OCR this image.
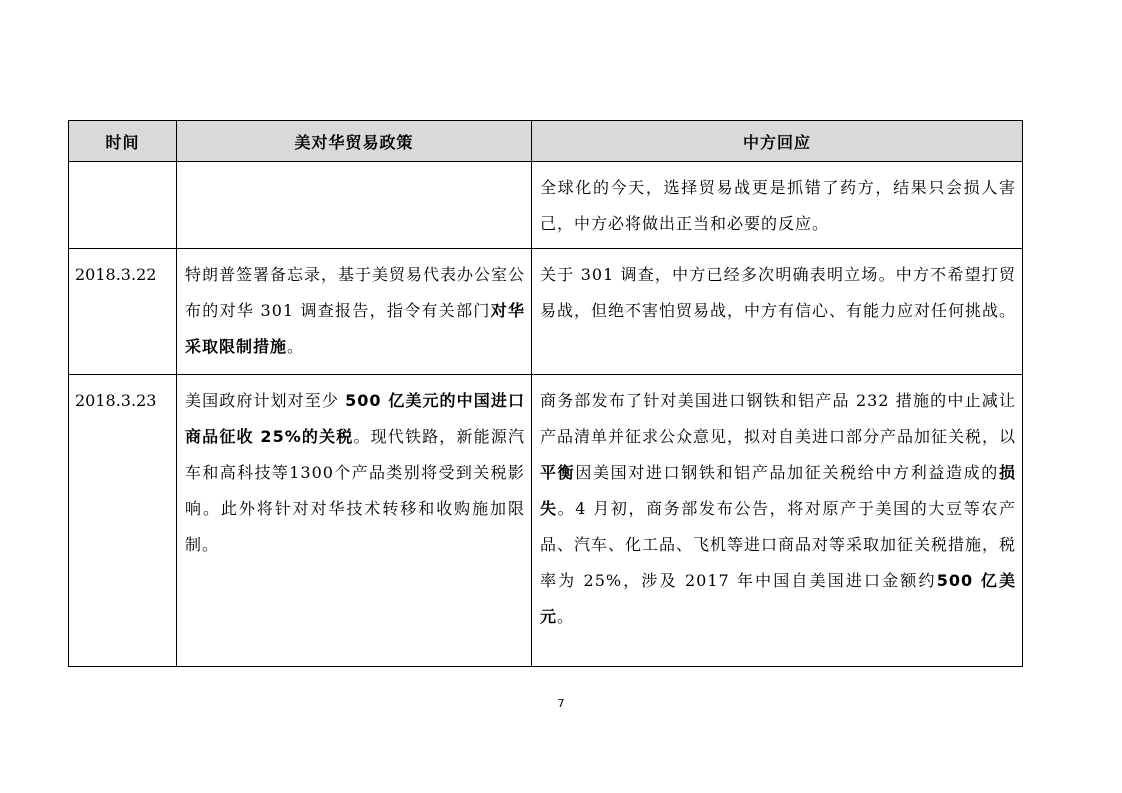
时间	美对华贸易政策	中方回应
		全球化的今天，选择贸易战更是抓错了药方，结果只会损人害己，中方必将做出正当和必要的反应。
2018.3.22	特朗普签署备忘录，基于美贸易代表办公室公布的对华 301 调查报告，指令有关部门对华采取限制措施。	关于 301 调查，中方已经多次明确表明立场。中方不希望打贸易战，但绝不害怕贸易战，中方有信心、有能力应对任何挑战。
2018.3.23	美国政府计划对至少 500 亿美元的中国进口商品征收 25%的关税。现代铁路，新能源汽车和高科技等1300个产品类别将受到关税影响。此外将针对对华技术转移和收购施加限制。	商务部发布了针对美国进口钢铁和铝产品 232 措施的中止减让产品清单并征求公众意见，拟对自美进口部分产品加征关税，以平衡因美国对进口钢铁和铝产品加征关税给中方利益造成的损失。4 月初，商务部发布公告，将对原产于美国的大豆等农产品、汽车、化工品、飞机等进口商品对等采取加征关税措施，税率为 25%，涉及 2017 年中国自美国进口金额约500 亿美元。
7
